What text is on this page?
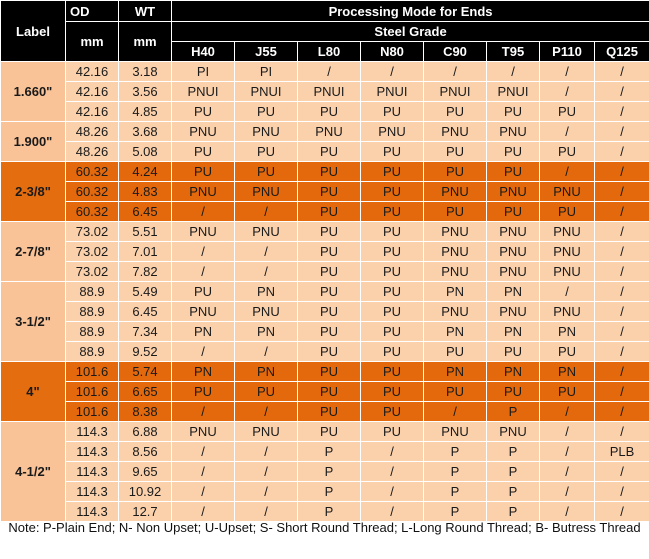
Label	OD	WT	Processing Mode for Ends							
	mm	mm	Steel Grade							
			H40	J55	L80	N80	C90	T95	P110	Q125
1.660"	42.16	3.18	PI	PI	/	/	/	/	/	/
	42.16	3.56	PNUI	PNUI	PNUI	PNUI	PNUI	PNUI	/	/
	42.16	4.85	PU	PU	PU	PU	PU	PU	PU	/
1.900"	48.26	3.68	PNU	PNU	PNU	PNU	PNU	PNU	/	/
	48.26	5.08	PU	PU	PU	PU	PU	PU	PU	/
2-3/8"	60.32	4.24	PU	PU	PU	PU	PU	PU	/	/
	60.32	4.83	PNU	PNU	PU	PU	PNU	PNU	PNU	/
	60.32	6.45	/	/	PU	PU	PU	PU	PU	/
2-7/8"	73.02	5.51	PNU	PNU	PU	PU	PNU	PNU	PNU	/
	73.02	7.01	/	/	PU	PU	PNU	PNU	PNU	/
	73.02	7.82	/	/	PU	PU	PNU	PNU	PNU	/
3-1/2"	88.9	5.49	PU	PN	PU	PU	PN	PN	/	/
	88.9	6.45	PNU	PNU	PU	PU	PNU	PNU	PNU	/
	88.9	7.34	PN	PN	PU	PU	PN	PN	PN	/
	88.9	9.52	/	/	PU	PU	PU	PU	PU	/
4"	101.6	5.74	PN	PN	PU	PU	PN	PN	PN	/
	101.6	6.65	PU	PU	PU	PU	PU	PU	PU	/
	101.6	8.38	/	/	PU	PU	/	P	/	/
4-1/2"	114.3	6.88	PNU	PNU	PU	PU	PNU	PNU	/	/
	114.3	8.56	/	/	P	/	P	P	/	PLB
	114.3	9.65	/	/	P	/	P	P	/	/
	114.3	10.92	/	/	P	/	P	P	/	/
	114.3	12.7	/	/	P	/	P	P	/	/
Note: P-Plain End; N- Non Upset; U-Upset; S- Short Round Thread; L-Long Round Thread; B- Butress Thread
